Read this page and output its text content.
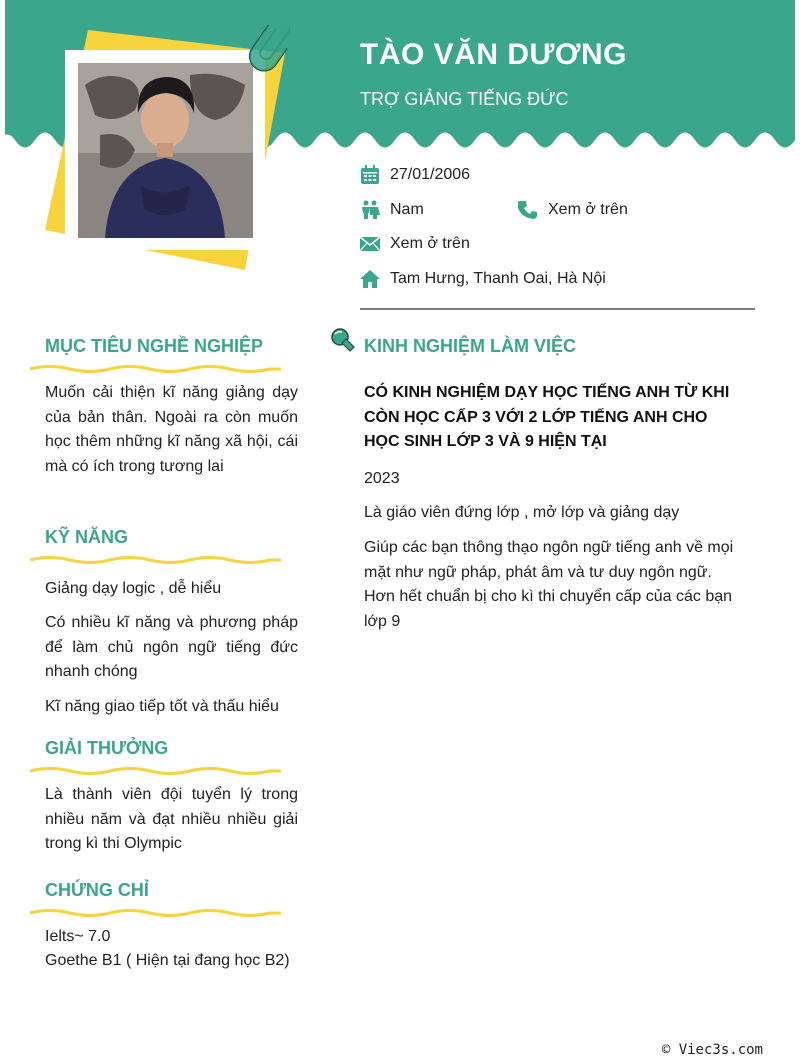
TÀO VĂN DƯƠNG
TRỢ GIẢNG TIẾNG ĐỨC
27/01/2006
Nam	Xem ở trên
Xem ở trên
Tam Hưng, Thanh Oai, Hà Nội
MỤC TIÊU NGHỀ NGHIỆP
Muốn cải thiện kĩ năng giảng dạy của bản thân. Ngoài ra còn muốn học thêm những kĩ năng xã hội, cái mà có ích trong tương lai
KỸ NĂNG
Giảng dạy logic , dễ hiểu
Có nhiều kĩ năng và phương pháp để làm chủ ngôn ngữ tiếng đức nhanh chóng
Kĩ năng giao tiếp tốt và thấu hiểu
GIẢI THƯỞNG
Là thành viên đội tuyển lý trong nhiều năm và đạt nhiều nhiều giải trong kì thi Olympic
CHỨNG CHỈ
Ielts~ 7.0
Goethe B1 ( Hiện tại đang học B2)
KINH NGHIỆM LÀM VIỆC
CÓ KINH NGHIỆM DẠY HỌC TIẾNG ANH TỪ KHI CÒN HỌC CẤP 3 VỚI 2 LỚP TIẾNG ANH CHO HỌC SINH LỚP 3 VÀ 9 HIỆN TẠI
2023
Là giáo viên đứng lớp , mở lớp và giảng dạy
Giúp các bạn thông thạo ngôn ngữ tiếng anh về mọi mặt như ngữ pháp, phát âm và tư duy ngôn ngữ. Hơn hết chuẩn bị cho kì thi chuyển cấp của các bạn lớp 9
© Viec3s.com
